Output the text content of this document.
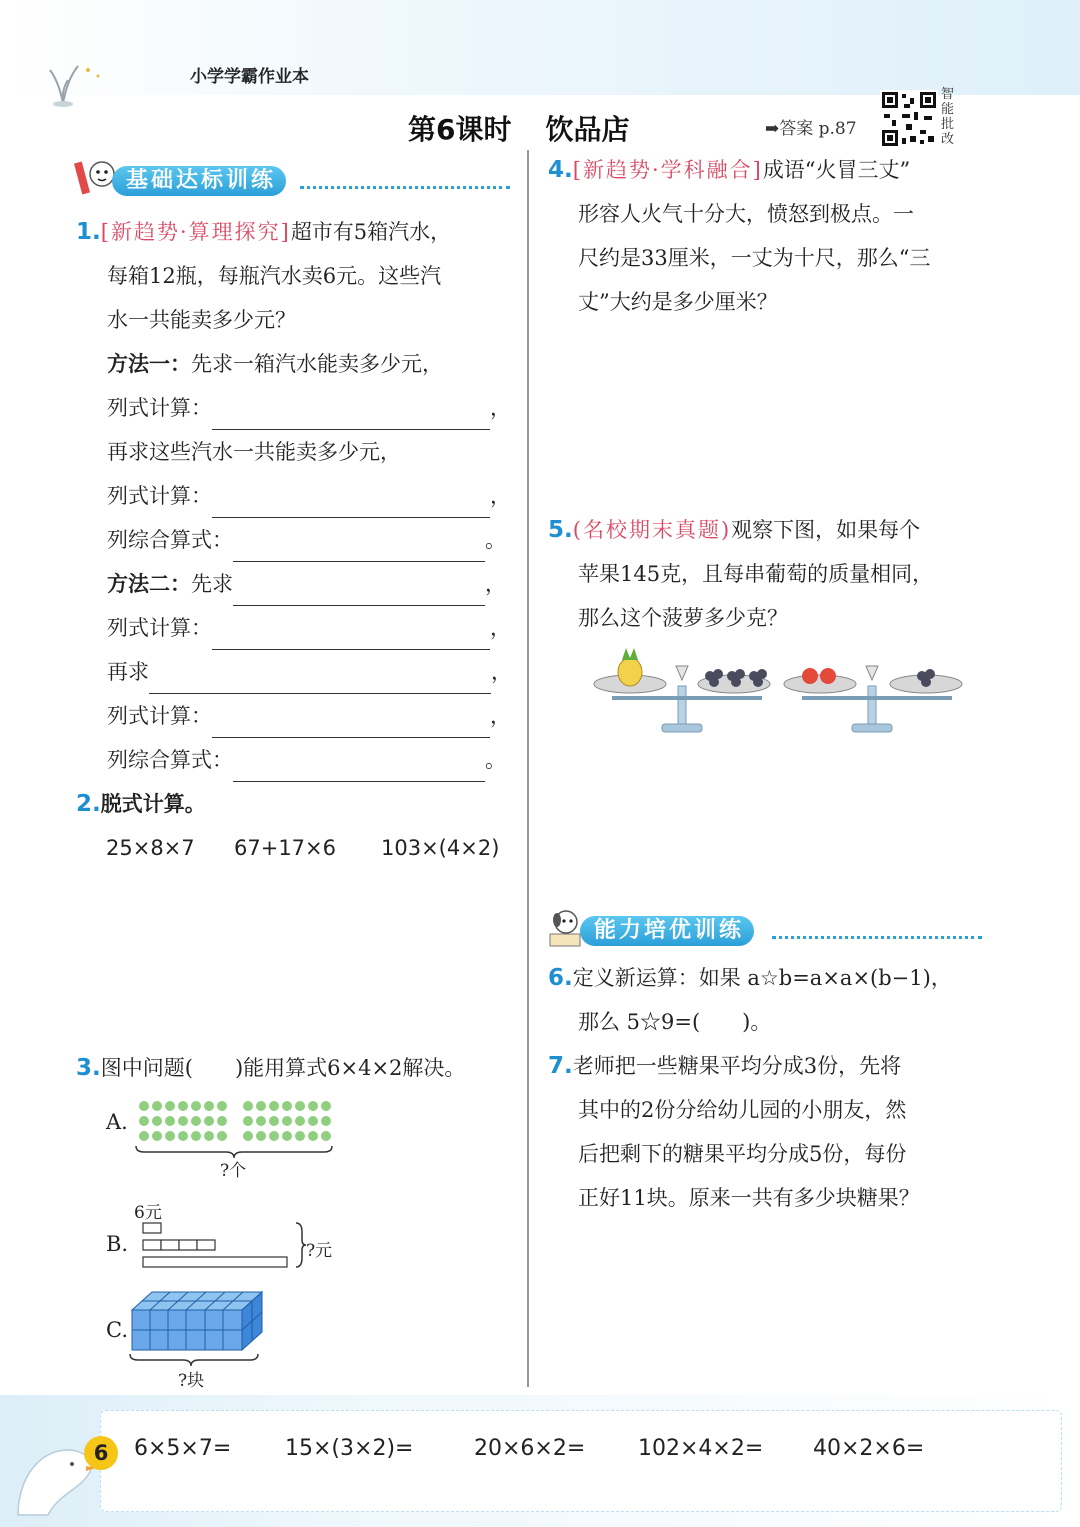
小学学霸作业本
第6课时 饮品店	➡答案 p.87
智能批改
基础达标训练
1.[新趋势·算理探究]超市有5箱汽水，
每箱12瓶，每瓶汽水卖6元。这些汽
水一共能卖多少元？
方法一：先求一箱汽水能卖多少元，
列式计算：	，
再求这些汽水一共能卖多少元，
列式计算：	，
列综合算式：	。
方法二：先求	，
列式计算：	，
再求	，
列式计算：	，
列综合算式：	。
2.脱式计算。
25×8×7 67+17×6 103×(4×2)
3.图中问题(　　)能用算式6×4×2解决。
A.
?个
6元
B.	?元
C.
?块
4.[新趋势·学科融合]成语“火冒三丈”
形容人火气十分大，愤怒到极点。一
尺约是33厘米，一丈为十尺，那么“三
丈”大约是多少厘米？
5.(名校期末真题)观察下图，如果每个
苹果145克，且每串葡萄的质量相同，
那么这个菠萝多少克？
能力培优训练
6.定义新运算：如果 a☆b=a×a×(b−1)，
那么 5☆9=(　　)。
7.老师把一些糖果平均分成3份，先将
其中的2份分给幼儿园的小朋友，然
后把剩下的糖果平均分成5份，每份
正好11块。原来一共有多少块糖果？
6	6×5×7= 15×(3×2)=	20×6×2= 102×4×2= 40×2×6=
